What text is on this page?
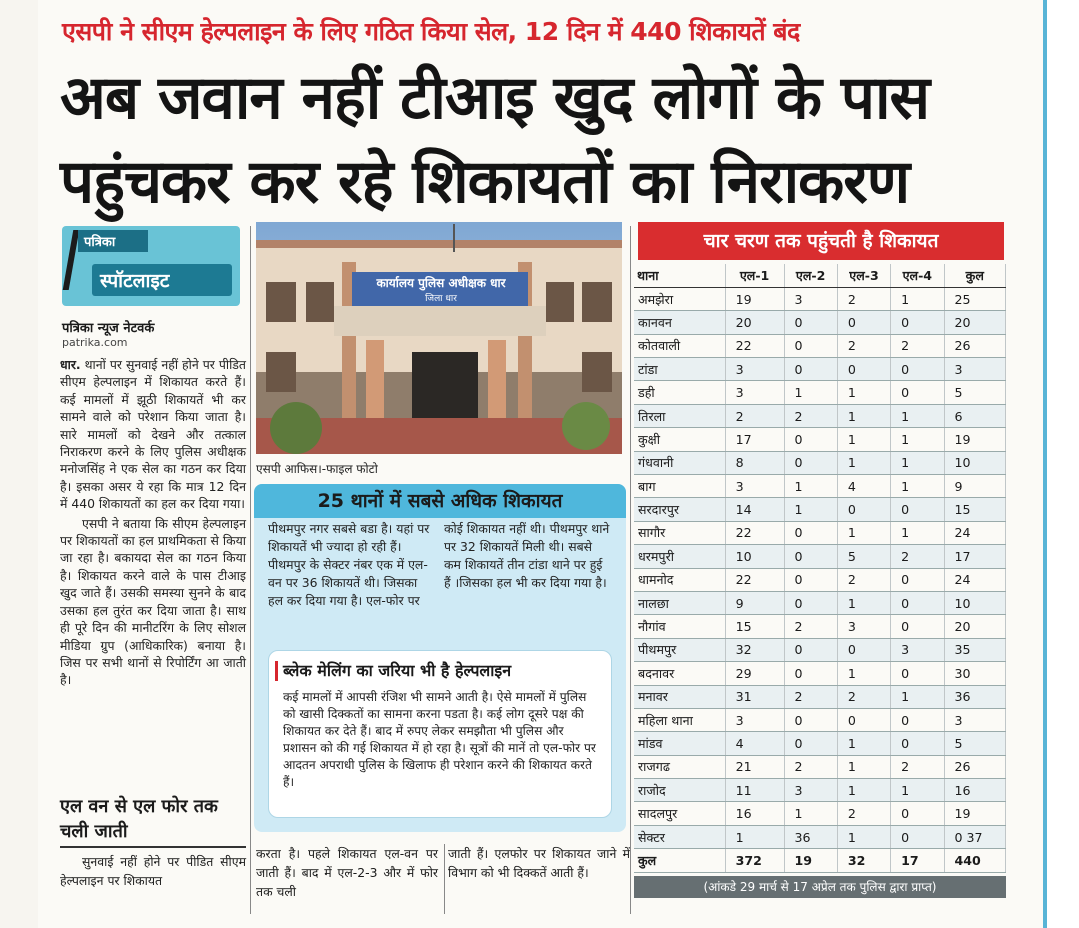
एसपी ने सीएम हेल्पलाइन के लिए गठित किया सेल, 12 दिन में 440 शिकायतें बंद
अब जवान नहीं टीआइ खुद लोगों के पास
पहुंचकर कर रहे शिकायतों का निराकरण
पत्रिका
स्पॉटलाइट
पत्रिका न्यूज नेटवर्क
patrika.com

धार. थानों पर सुनवाई नहीं होने पर पीडित सीएम हेल्पलाइन में शिकायत करते हैं। कई मामलों में झूठी शिकायतें भी कर सामने वाले को परेशान किया जाता है। सारे मामलों को देखने और तत्काल निराकरण करने के लिए पुलिस अधीक्षक मनोजसिंह ने एक सेल का गठन कर दिया है। इसका असर ये रहा कि मात्र 12 दिन में 440 शिकायतों का हल कर दिया गया।

एसपी ने बताया कि सीएम हेल्पलाइन पर शिकायतों का हल प्राथमिकता से किया जा रहा है। बकायदा सेल का गठन किया है। शिकायत करने वाले के पास टीआइ खुद जाते हैं। उसकी समस्या सुनने के बाद उसका हल तुरंत कर दिया जाता है। साथ ही पूरे दिन की मानीटरिंग के लिए सोशल मीडिया ग्रुप (आधिकारिक) बनाया है। जिस पर सभी थानों से रिपोर्टिंग आ जाती है।

एल वन से एल फोर तक चली जाती
सुनवाई नहीं होने पर पीडित सीएम हेल्पलाइन पर शिकायत
कार्यालय पुलिस अधीक्षक धार
जिला धार
एसपी आफिस।-फाइल फोटो
25 थानों में सबसे अधिक शिकायत
पीथमपुर नगर सबसे बडा है। यहां पर शिकायतें भी ज्यादा हो रही हैं। पीथमपुर के सेक्टर नंबर एक में एल-वन पर 36 शिकायतें थी। जिसका हल कर दिया गया है। एल-फोर पर
कोई शिकायत नहीं थी। पीथमपुर थाने पर 32 शिकायतें मिली थी। सबसे कम शिकायतें तीन टांडा थाने पर हुई हैं ।जिसका हल भी कर दिया गया है।
ब्लेक मेलिंग का जरिया भी है हेल्पलाइन

कई मामलों में आपसी रंजिश भी सामने आती है। ऐसे मामलों में पुलिस को खासी दिक्कतों का सामना करना पडता है। कई लोग दूसरे पक्ष की शिकायत कर देते हैं। बाद में रुपए लेकर समझौता भी पुलिस और प्रशासन को की गई शिकायत में हो रहा है। सूत्रों की मानें तो एल-फोर पर आदतन अपराधी पुलिस के खिलाफ ही परेशान करने की शिकायत करते हैं।

करता है। पहले शिकायत एल-वन पर जाती हैं। बाद में एल-2-3 और में फोर तक चली
जाती हैं। एलफोर पर शिकायत जाने में विभाग को भी दिक्कतें आती हैं।
चार चरण तक पहुंचती है शिकायत
थाना	एल-1	एल-2	एल-3	एल-4	कुल
अमझेरा	19	3	2	1	25
कानवन	20	0	0	0	20
कोतवाली	22	0	2	2	26
टांडा	3	0	0	0	3
डही	3	1	1	0	5
तिरला	2	2	1	1	6
कुक्षी	17	0	1	1	19
गंधवानी	8	0	1	1	10
बाग	3	1	4	1	9
सरदारपुर	14	1	0	0	15
सागौर	22	0	1	1	24
धरमपुरी	10	0	5	2	17
धामनोद	22	0	2	0	24
नालछा	9	0	1	0	10
नौगांव	15	2	3	0	20
पीथमपुर	32	0	0	3	35
बदनावर	29	0	1	0	30
मनावर	31	2	2	1	36
महिला थाना	3	0	0	0	3
मांडव	4	0	1	0	5
राजगढ	21	2	1	2	26
राजोद	11	3	1	1	16
सादलपुर	16	1	2	0	19
सेक्टर	1	36	1	0	0 37
कुल	372	19	32	17	440
(आंकडे 29 मार्च से 17 अप्रेल तक पुलिस द्वारा प्राप्त)
